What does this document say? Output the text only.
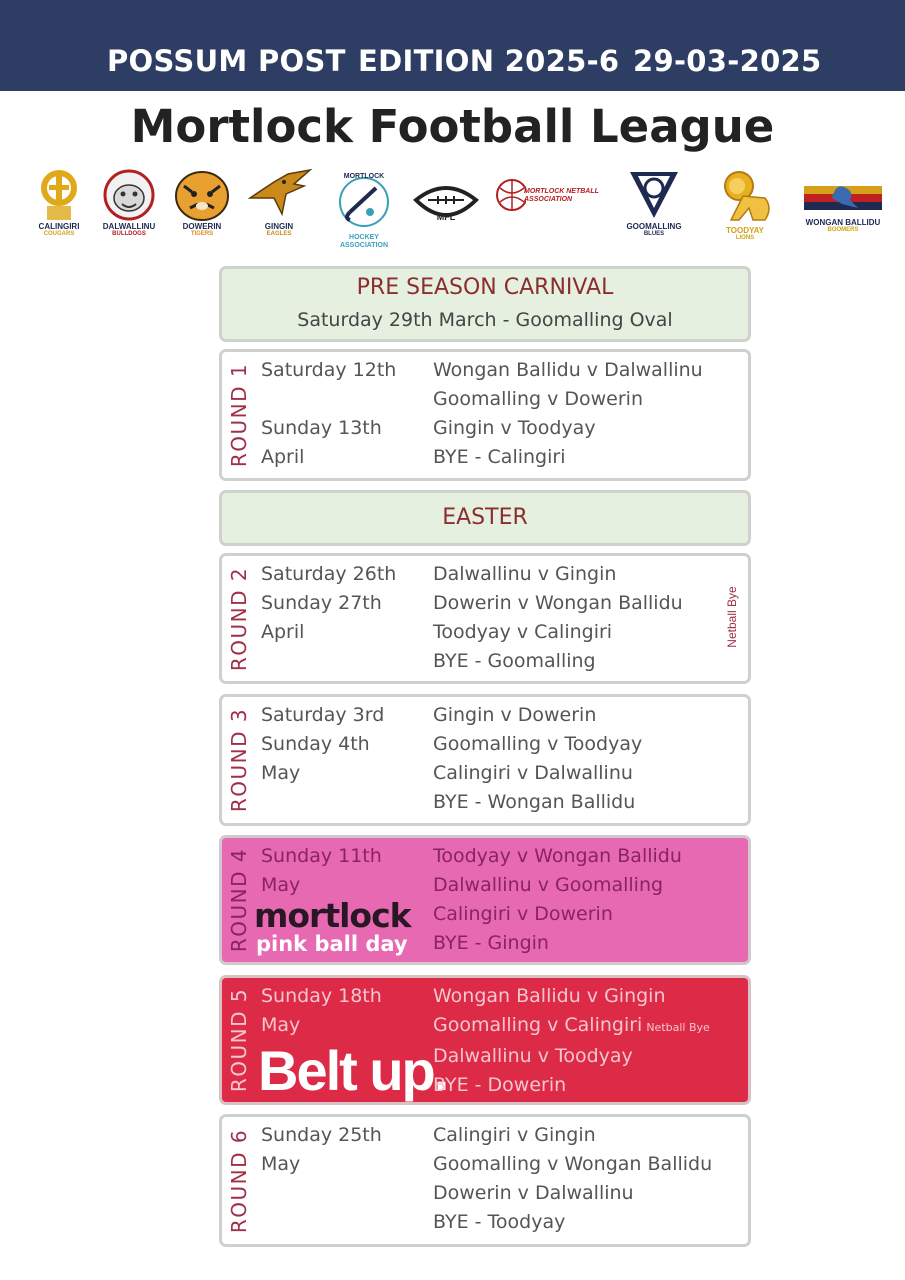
POSSUM POST EDITION 2025-6 29-03-2025
Mortlock Football League
CALINGIRI
COUGARS
DALWALLINU
BULLDOGS
DOWERIN
TIGERS
GINGIN
EAGLES
MORTLOCK
HOCKEY ASSOCIATION
MFL
MORTLOCK NETBALL ASSOCIATION
GOOMALLING
BLUES	TOODYAY
LIONS
WONGAN BALLIDU
BOOMERS
PRE SEASON CARNIVAL
Saturday 29th March - Goomalling Oval
ROUND 1 Saturday 12th

Sunday 13th
April
Wongan Ballidu v Dalwallinu
Goomalling v Dowerin
Gingin v Toodyay
BYE - Calingiri
EASTER
ROUND 2 Saturday 26th
Sunday 27th
April
Dalwallinu v Gingin
Dowerin v Wongan Ballidu
Toodyay v Calingiri
BYE - Goomalling
Netball Bye
ROUND 3 Saturday 3rd
Sunday 4th
May
Gingin v Dowerin
Goomalling v Toodyay
Calingiri v Dalwallinu
BYE - Wongan Ballidu
ROUND 4 Sunday 11th
May
mortlock
pink ball day
Toodyay v Wongan Ballidu
Dalwallinu v Goomalling
Calingiri v Dowerin
BYE - Gingin
ROUND 5 Sunday 18th
May
Belt up.
Wongan Ballidu v Gingin
Goomalling v Calingiri Netball Bye
Dalwallinu v Toodyay
BYE - Dowerin
ROUND 6 Sunday 25th
May
Calingiri v Gingin
Goomalling v Wongan Ballidu
Dowerin v Dalwallinu
BYE - Toodyay
